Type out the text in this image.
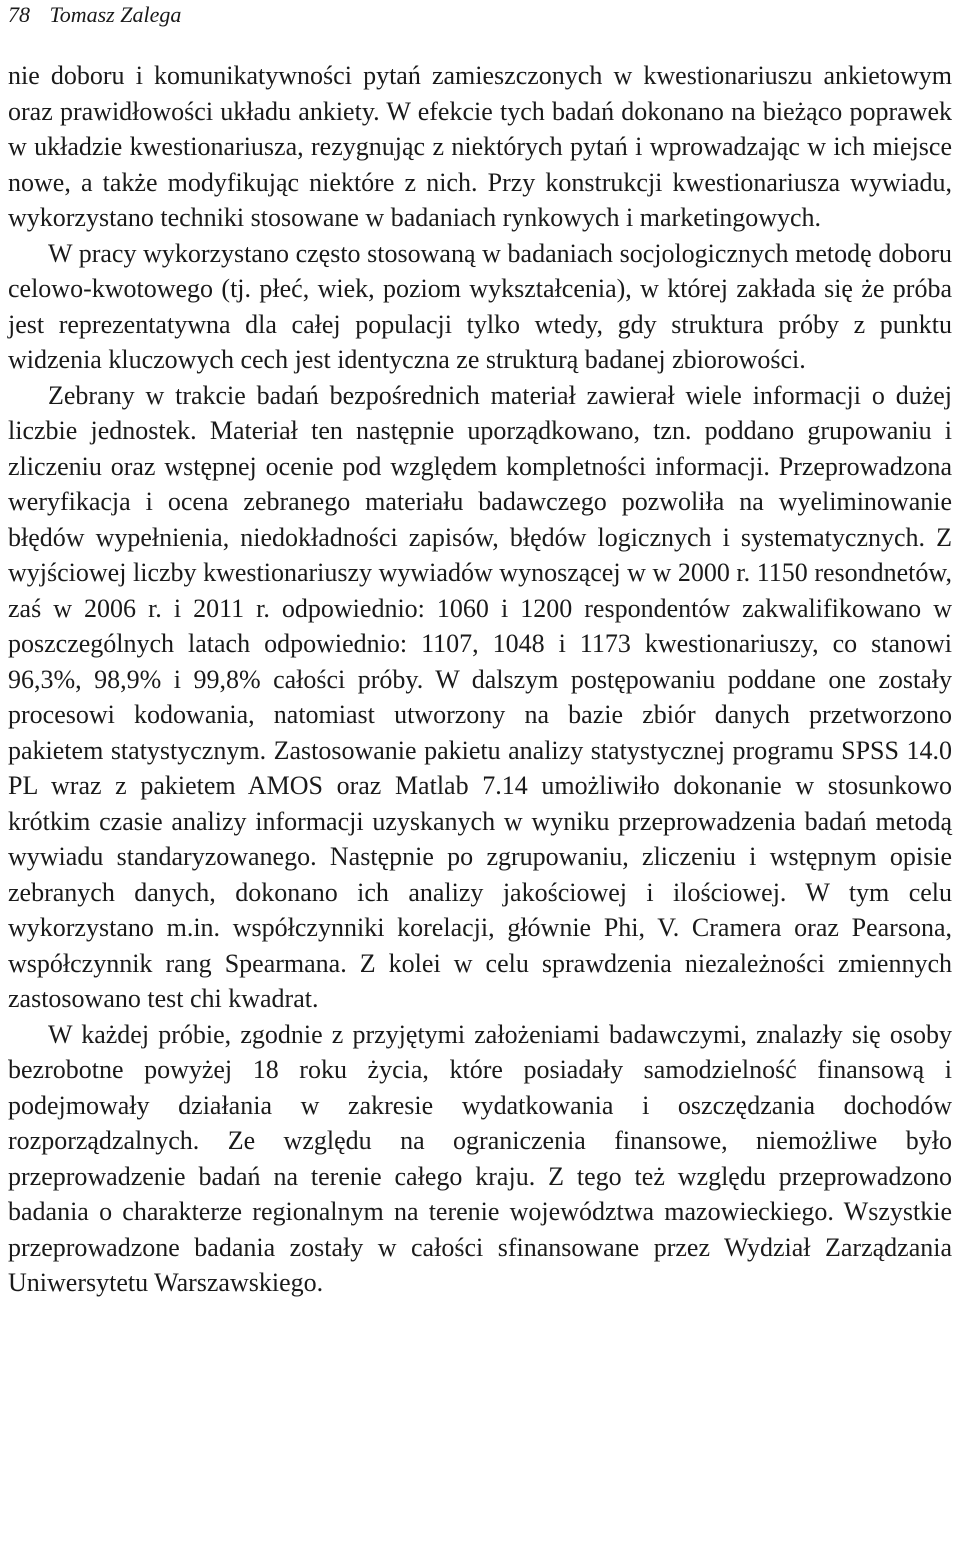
78 Tomasz Zalega

nie doboru i komunikatywności pytań zamieszczonych w kwestionariuszu ankietowym oraz prawidłowości układu ankiety. W efekcie tych badań dokonano na bieżąco poprawek w układzie kwestionariusza, rezygnując z niektórych pytań i wprowadzając w ich miejsce nowe, a także modyfikując niektóre z nich. Przy konstrukcji kwestionariusza wywiadu, wykorzystano techniki stosowane w badaniach rynkowych i marketingowych.

W pracy wykorzystano często stosowaną w badaniach socjologicznych metodę doboru celowo-kwotowego (tj. płeć, wiek, poziom wykształcenia), w której zakłada się że próba jest reprezentatywna dla całej populacji tylko wtedy, gdy struktura próby z punktu widzenia kluczowych cech jest identyczna ze strukturą badanej zbiorowości.

Zebrany w trakcie badań bezpośrednich materiał zawierał wiele informacji o dużej liczbie jednostek. Materiał ten następnie uporządkowano, tzn. poddano grupowaniu i zliczeniu oraz wstępnej ocenie pod względem kompletności informacji. Przeprowadzona weryfikacja i ocena zebranego materiału badawczego pozwoliła na wyeliminowanie błędów wypełnienia, niedokładności zapisów, błędów logicznych i systematycznych. Z wyjściowej liczby kwestionariuszy wywiadów wynoszącej w w 2000 r. 1150 resondnetów, zaś w 2006 r. i 2011 r. odpowiednio: 1060 i 1200 respondentów zakwalifikowano w poszczególnych latach odpowiednio: 1107, 1048 i 1173 kwestionariuszy, co stanowi 96,3%, 98,9% i 99,8% całości próby. W dalszym postępowaniu poddane one zostały procesowi kodowania, natomiast utworzony na bazie zbiór danych przetworzono pakietem statystycznym. Zastosowanie pakietu analizy statystycznej programu SPSS 14.0 PL wraz z pakietem AMOS oraz Matlab 7.14 umożliwiło dokonanie w stosunkowo krótkim czasie analizy informacji uzyskanych w wyniku przeprowadzenia badań metodą wywiadu standaryzowanego. Następnie po zgrupowaniu, zliczeniu i wstępnym opisie zebranych danych, dokonano ich analizy jakościowej i ilościowej. W tym celu wykorzystano m.in. współczynniki korelacji, głównie Phi, V. Cramera oraz Pearsona, współczynnik rang Spearmana. Z kolei w celu sprawdzenia niezależności zmiennych zastosowano test chi kwadrat.

W każdej próbie, zgodnie z przyjętymi założeniami badawczymi, znalazły się osoby bezrobotne powyżej 18 roku życia, które posiadały samodzielność finansową i podejmowały działania w zakresie wydatkowania i oszczędzania dochodów rozporządzalnych. Ze względu na ograniczenia finansowe, niemożliwe było przeprowadzenie badań na terenie całego kraju. Z tego też względu przeprowadzono badania o charakterze regionalnym na terenie województwa mazowieckiego. Wszystkie przeprowadzone badania zostały w całości sfinansowane przez Wydział Zarządzania Uniwersytetu Warszawskiego.
